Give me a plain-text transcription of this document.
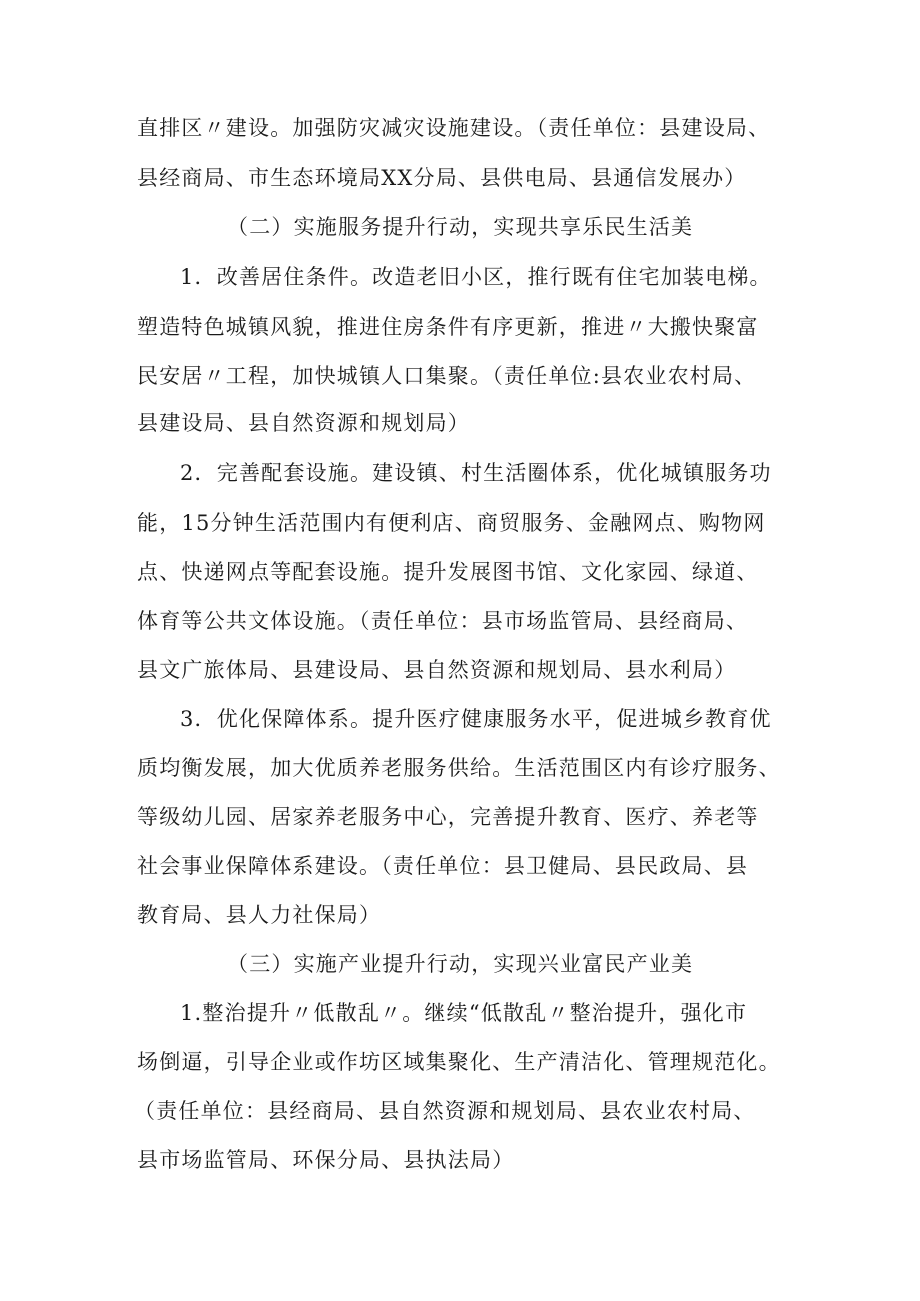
直排区〃建设。加强防灾减灾设施建设。（责任单位：县建设局、
县经商局、市生态环境局XX分局、县供电局、县通信发展办）
（二）实施服务提升行动，实现共享乐民生活美
1．改善居住条件。改造老旧小区，推行既有住宅加装电梯。
塑造特色城镇风貌，推进住房条件有序更新，推进〃大搬快聚富
民安居〃工程，加快城镇人口集聚。（责任单位:县农业农村局、
县建设局、县自然资源和规划局）
2．完善配套设施。建设镇、村生活圈体系，优化城镇服务功
能，15分钟生活范围内有便利店、商贸服务、金融网点、购物网
点、快递网点等配套设施。提升发展图书馆、文化家园、绿道、
体育等公共文体设施。（责任单位：县市场监管局、县经商局、
县文广旅体局、县建设局、县自然资源和规划局、县水利局）
3．优化保障体系。提升医疗健康服务水平，促进城乡教育优
质均衡发展，加大优质养老服务供给。生活范围区内有诊疗服务、
等级幼儿园、居家养老服务中心，完善提升教育、医疗、养老等
社会事业保障体系建设。（责任单位：县卫健局、县民政局、县
教育局、县人力社保局）
（三）实施产业提升行动，实现兴业富民产业美
1.整治提升〃低散乱〃。继续“低散乱〃整治提升，强化市
场倒逼，引导企业或作坊区域集聚化、生产清洁化、管理规范化。
（责任单位：县经商局、县自然资源和规划局、县农业农村局、
县市场监管局、环保分局、县执法局）
